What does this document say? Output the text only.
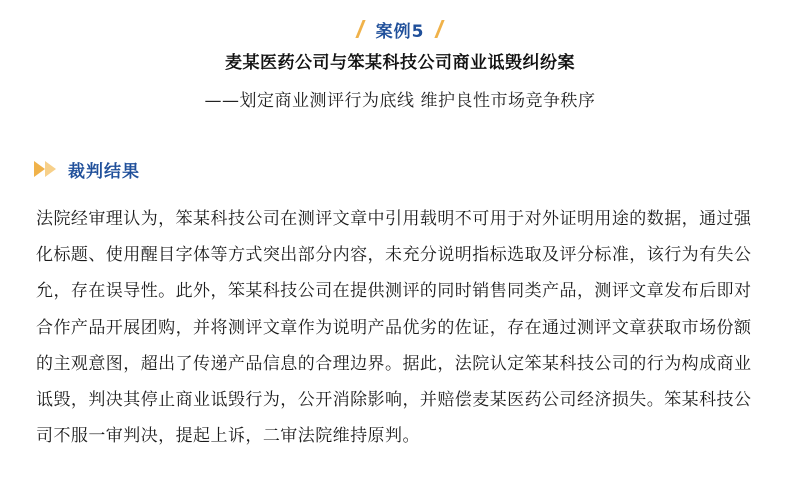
案例5
麦某医药公司与笨某科技公司商业诋毁纠纷案
——划定商业测评行为底线 维护良性市场竞争秩序
裁判结果

法院经审理认为，笨某科技公司在测评文章中引用载明不可用于对外证明用途的数据，通过强化标题、使用醒目字体等方式突出部分内容，未充分说明指标选取及评分标准，该行为有失公允，存在误导性。此外，笨某科技公司在提供测评的同时销售同类产品，测评文章发布后即对合作产品开展团购，并将测评文章作为说明产品优劣的佐证，存在通过测评文章获取市场份额的主观意图，超出了传递产品信息的合理边界。据此，法院认定笨某科技公司的行为构成商业诋毁，判决其停止商业诋毁行为，公开消除影响，并赔偿麦某医药公司经济损失。笨某科技公司不服一审判决，提起上诉，二审法院维持原判。
